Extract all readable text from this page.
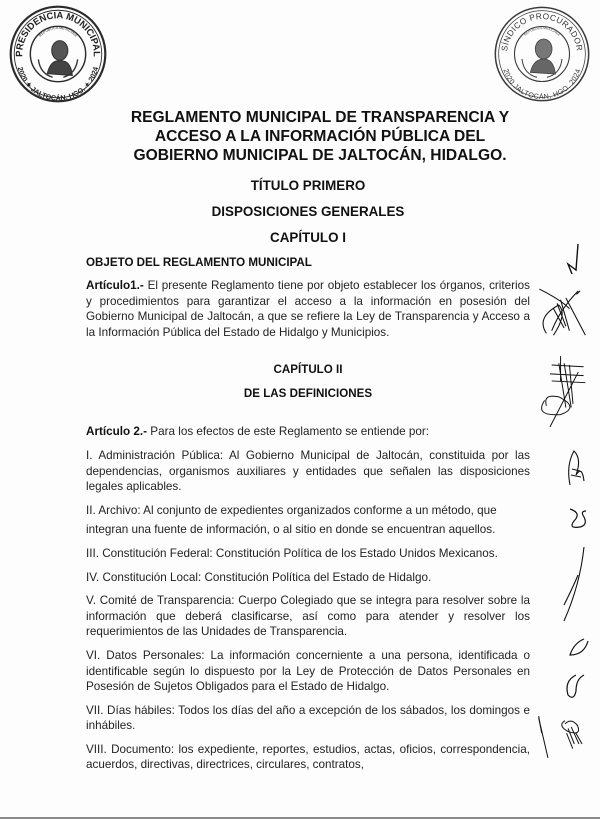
PRESIDENCIA MUNICIPAL
2020 ✦ JALTOCÁN, HGO. ✦ 2024
REPÚBLICA MEXICANA
SÍNDICO PROCURADOR
2020 JALTOCÁN, HGO. 2024
REPÚBLICA MEXICANA
REGLAMENTO MUNICIPAL DE TRANSPARENCIA Y
ACCESO A LA INFORMACIÓN PÚBLICA DEL
GOBIERNO MUNICIPAL DE JALTOCÁN, HIDALGO.
TÍTULO PRIMERO
DISPOSICIONES GENERALES
CAPÍTULO I
OBJETO DEL REGLAMENTO MUNICIPAL

Artículo1.- El presente Reglamento tiene por objeto establecer los órganos, criterios y procedimientos para garantizar el acceso a la información en posesión del Gobierno Municipal de Jaltocán, a que se refiere la Ley de Transparencia y Acceso a la Información Pública del Estado de Hidalgo y Municipios.

CAPÍTULO II
DE LAS DEFINICIONES

Artículo 2.- Para los efectos de este Reglamento se entiende por:

I. Administración Pública: Al Gobierno Municipal de Jaltocán, constituida por las dependencias, organismos auxiliares y entidades que señalen las disposiciones legales aplicables.

II. Archivo: Al conjunto de expedientes organizados conforme a un método, que

integran una fuente de información, o al sitio en donde se encuentran aquellos.

III. Constitución Federal: Constitución Política de los Estado Unidos Mexicanos.

IV. Constitución Local: Constitución Política del Estado de Hidalgo.

V. Comité de Transparencia: Cuerpo Colegiado que se integra para resolver sobre la información que deberá clasificarse, así como para atender y resolver los requerimientos de las Unidades de Transparencia.

VI. Datos Personales: La información concerniente a una persona, identificada o identificable según lo dispuesto por la Ley de Protección de Datos Personales en Posesión de Sujetos Obligados para el Estado de Hidalgo.

VII. Días hábiles: Todos los días del año a excepción de los sábados, los domingos e inhábiles.

VIII. Documento: los expediente, reportes, estudios, actas, oficios, correspondencia, acuerdos, directivas, directrices, circulares, contratos,
